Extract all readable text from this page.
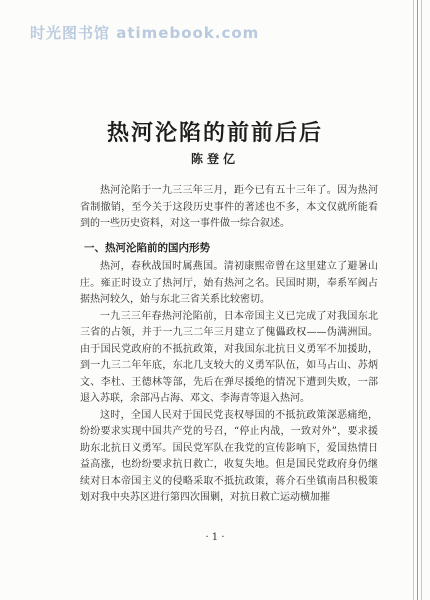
时光图书馆 atimebook.com
热河沦陷的前前后后
陈登亿

热河沦陷于一九三三年三月，距今已有五十三年了。因为热河省制撤销，至今关于这段历史事件的著述也不多，本文仅就所能看到的一些历史资料，对这一事件做一综合叙述。

一、热河沦陷前的国内形势

热河，春秋战国时属燕国。清初康熙帝曾在这里建立了避暑山庄。雍正时设立了热河厅，始有热河之名。民国时期，奉系军阀占据热河较久，始与东北三省关系比较密切。

一九三三年春热河沦陷前，日本帝国主义已完成了对我国东北三省的占领，并于一九三二年三月建立了傀儡政权——伪满洲国。由于国民党政府的不抵抗政策，对我国东北抗日义勇军不加援助，到一九三二年年底，东北几支较大的义勇军队伍，如马占山、苏炳文、李杜、王德林等部，先后在弹尽援绝的情况下遭到失败，一部退入苏联，余部冯占海、邓文、李海青等退入热河。

这时，全国人民对于国民党丧权辱国的不抵抗政策深恶痛绝，纷纷要求实现中国共产党的号召，“停止内战，一致对外”，要求援助东北抗日义勇军。国民党军队在我党的宣传影响下，爱国热情日益高涨，也纷纷要求抗日救亡，收复失地。但是国民党政府身仍继续对日本帝国主义的侵略采取不抵抗政策，蒋介石坐镇南昌积极策划对我中央苏区进行第四次围剿，对抗日救亡运动横加摧

· 1 ·
